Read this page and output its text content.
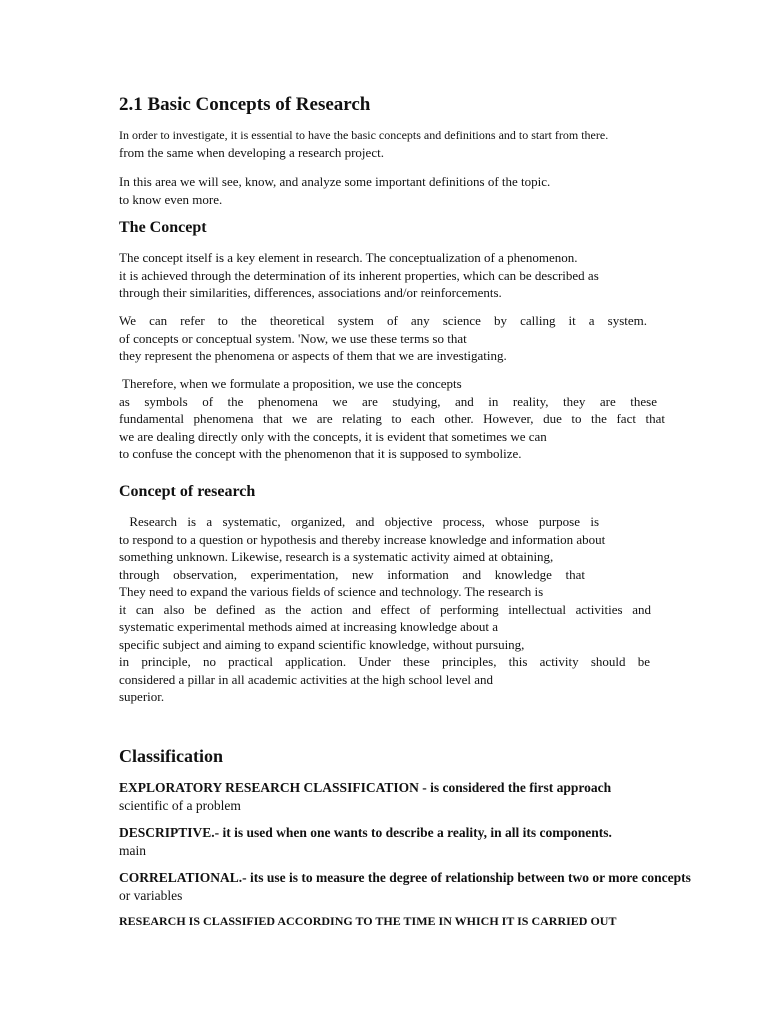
2.1 Basic Concepts of Research
In order to investigate, it is essential to have the basic concepts and definitions and to start from there.
from the same when developing a research project.
In this area we will see, know, and analyze some important definitions of the topic.
to know even more.
The Concept
The concept itself is a key element in research. The conceptualization of a phenomenon.
it is achieved through the determination of its inherent properties, which can be described as
through their similarities, differences, associations and/or reinforcements.
We can refer to the theoretical system of any science by calling it a system.
of concepts or conceptual system. 'Now, we use these terms so that
they represent the phenomena or aspects of them that we are investigating.
Therefore, when we formulate a proposition, we use the concepts
as symbols of the phenomena we are studying, and in reality, they are these
fundamental phenomena that we are relating to each other. However, due to the fact that
we are dealing directly only with the concepts, it is evident that sometimes we can
to confuse the concept with the phenomenon that it is supposed to symbolize.
Concept of research
Research is a systematic, organized, and objective process, whose purpose is
to respond to a question or hypothesis and thereby increase knowledge and information about
something unknown. Likewise, research is a systematic activity aimed at obtaining,
through observation, experimentation, new information and knowledge that
They need to expand the various fields of science and technology. The research is
it can also be defined as the action and effect of performing intellectual activities and
systematic experimental methods aimed at increasing knowledge about a
specific subject and aiming to expand scientific knowledge, without pursuing,
in principle, no practical application. Under these principles, this activity should be
considered a pillar in all academic activities at the high school level and
superior.
Classification
EXPLORATORY RESEARCH CLASSIFICATION - is considered the first approach
scientific of a problem
DESCRIPTIVE.- it is used when one wants to describe a reality, in all its components.
main
CORRELATIONAL.- its use is to measure the degree of relationship between two or more concepts
or variables
RESEARCH IS CLASSIFIED ACCORDING TO THE TIME IN WHICH IT IS CARRIED OUT
